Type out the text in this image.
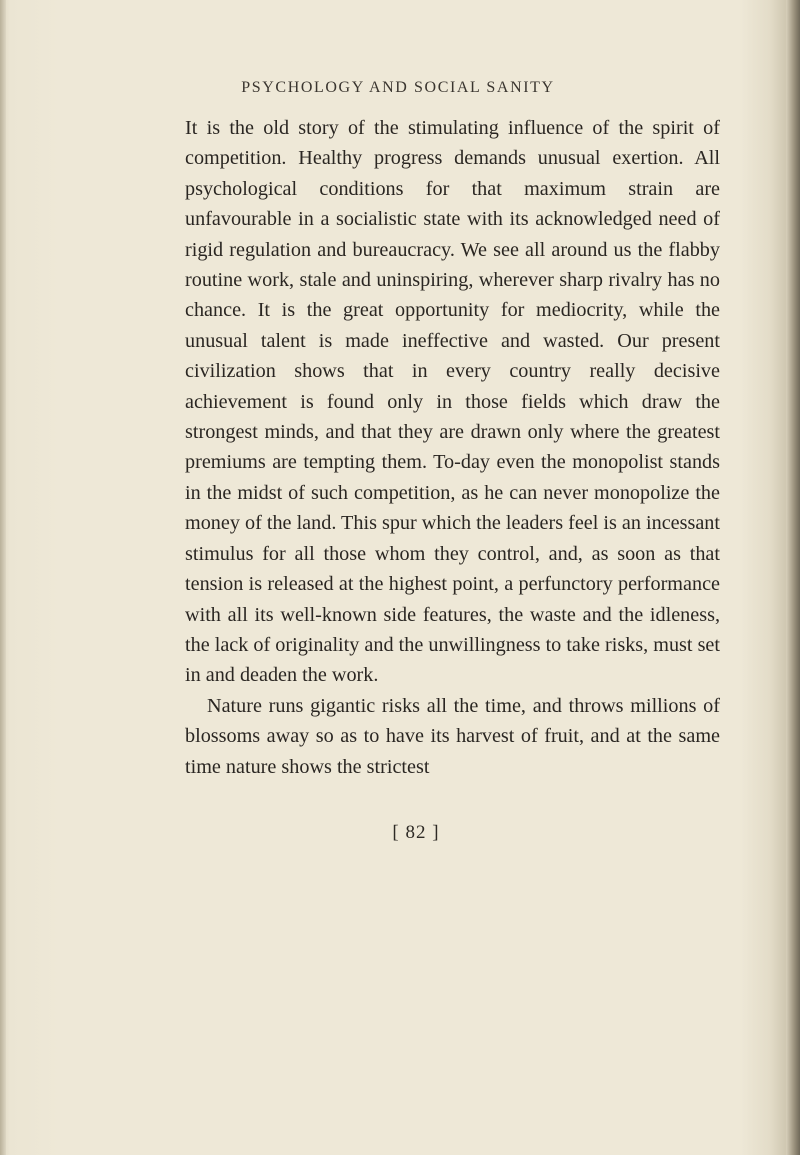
PSYCHOLOGY AND SOCIAL SANITY

It is the old story of the stimulating influence of the spirit of competition. Healthy progress demands unusual exertion. All psychological conditions for that maximum strain are unfavourable in a socialistic state with its acknowledged need of rigid regulation and bureaucracy. We see all around us the flabby routine work, stale and uninspiring, wherever sharp rivalry has no chance. It is the great opportunity for mediocrity, while the unusual talent is made ineffective and wasted. Our present civilization shows that in every country really decisive achievement is found only in those fields which draw the strongest minds, and that they are drawn only where the greatest premiums are tempting them. To-day even the monopolist stands in the midst of such competition, as he can never monopolize the money of the land. This spur which the leaders feel is an incessant stimulus for all those whom they control, and, as soon as that tension is released at the highest point, a perfunctory performance with all its well-known side features, the waste and the idleness, the lack of originality and the unwillingness to take risks, must set in and deaden the work.

Nature runs gigantic risks all the time, and throws millions of blossoms away so as to have its harvest of fruit, and at the same time nature shows the strictest

[ 82 ]
